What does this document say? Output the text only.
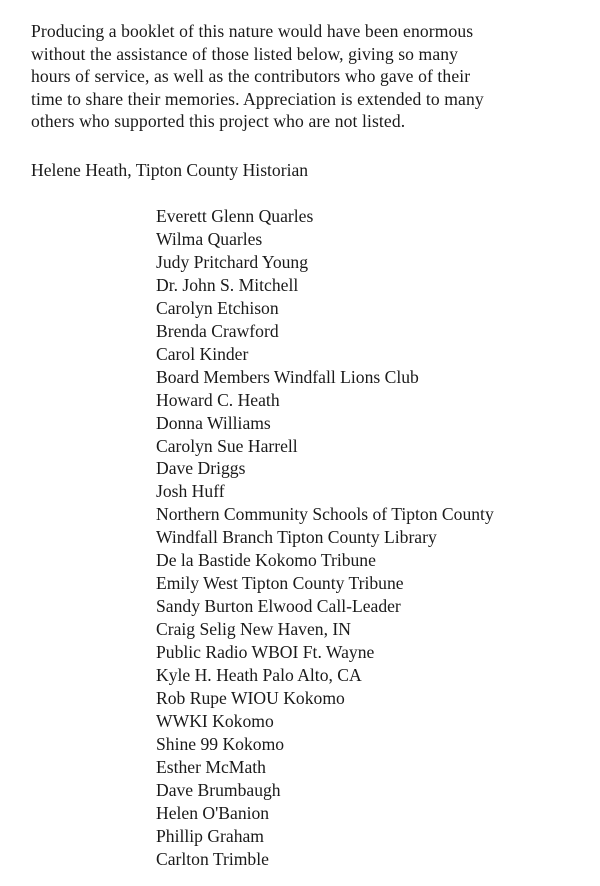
Producing a booklet of this nature would have been enormous
without the assistance of those listed below, giving so many
hours of service, as well as the contributors who gave of their
time to share their memories. Appreciation is extended to many
others who supported this project who are not listed.

Helene Heath, Tipton County Historian

Everett Glenn Quarles
Wilma Quarles
Judy Pritchard Young
Dr. John S. Mitchell
Carolyn Etchison
Brenda Crawford
Carol Kinder
Board Members Windfall Lions Club
Howard C. Heath
Donna Williams
Carolyn Sue Harrell
Dave Driggs
Josh Huff
Northern Community Schools of Tipton County
Windfall Branch Tipton County Library
De la Bastide Kokomo Tribune
Emily West Tipton County Tribune
Sandy Burton Elwood Call-Leader
Craig Selig New Haven, IN
Public Radio WBOI Ft. Wayne
Kyle H. Heath Palo Alto, CA
Rob Rupe WIOU Kokomo
WWKI Kokomo
Shine 99 Kokomo
Esther McMath
Dave Brumbaugh
Helen O'Banion
Phillip Graham
Carlton Trimble
